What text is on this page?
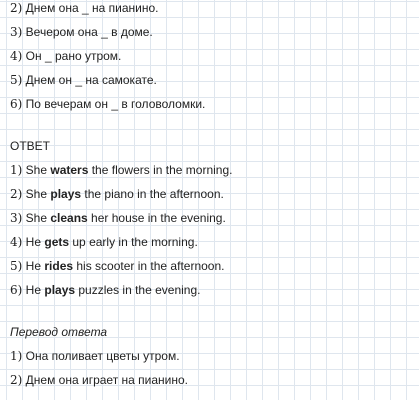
2) Днем она _ на пианино.
3) Вечером она _ в доме.
4) Он _ рано утром.
5) Днем он _ на самокате.
6) По вечерам он _ в головоломки.
ОТВЕТ
1) She waters the flowers in the morning.
2) She plays the piano in the afternoon.
3) She cleans her house in the evening.
4) He gets up early in the morning.
5) He rides his scooter in the afternoon.
6) He plays puzzles in the evening.
Перевод ответа
1) Она поливает цветы утром.
2) Днем она играет на пианино.
